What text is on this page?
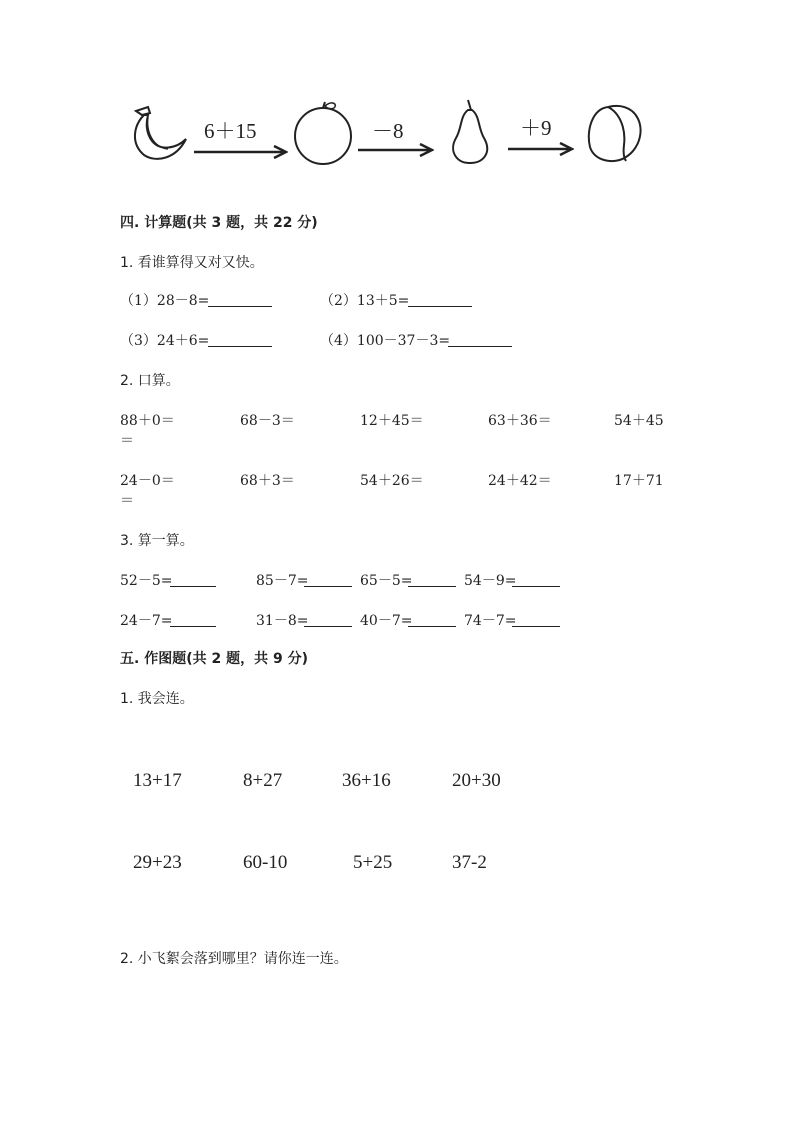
6＋15	－8	＋9
四. 计算题(共 3 题，共 22 分)
1. 看谁算得又对又快。
（1）28－8=	（2）13＋5=
（3）24＋6=	（4）100－37－3=
2. 口算。
88＋0＝	68－3＝	12＋45＝	63＋36＝	54＋45
＝
24－0＝	68＋3＝	54＋26＝	24＋42＝	17＋71
＝
3. 算一算。
52－5=	85－7=	65－5=	54－9=
24－7=	31－8=	40－7=	74－7=
五. 作图题(共 2 题，共 9 分)
1. 我会连。
13+17	8+27	36+16	20+30
29+23	60-10	5+25	37-2
2. 小飞絮会落到哪里？请你连一连。
